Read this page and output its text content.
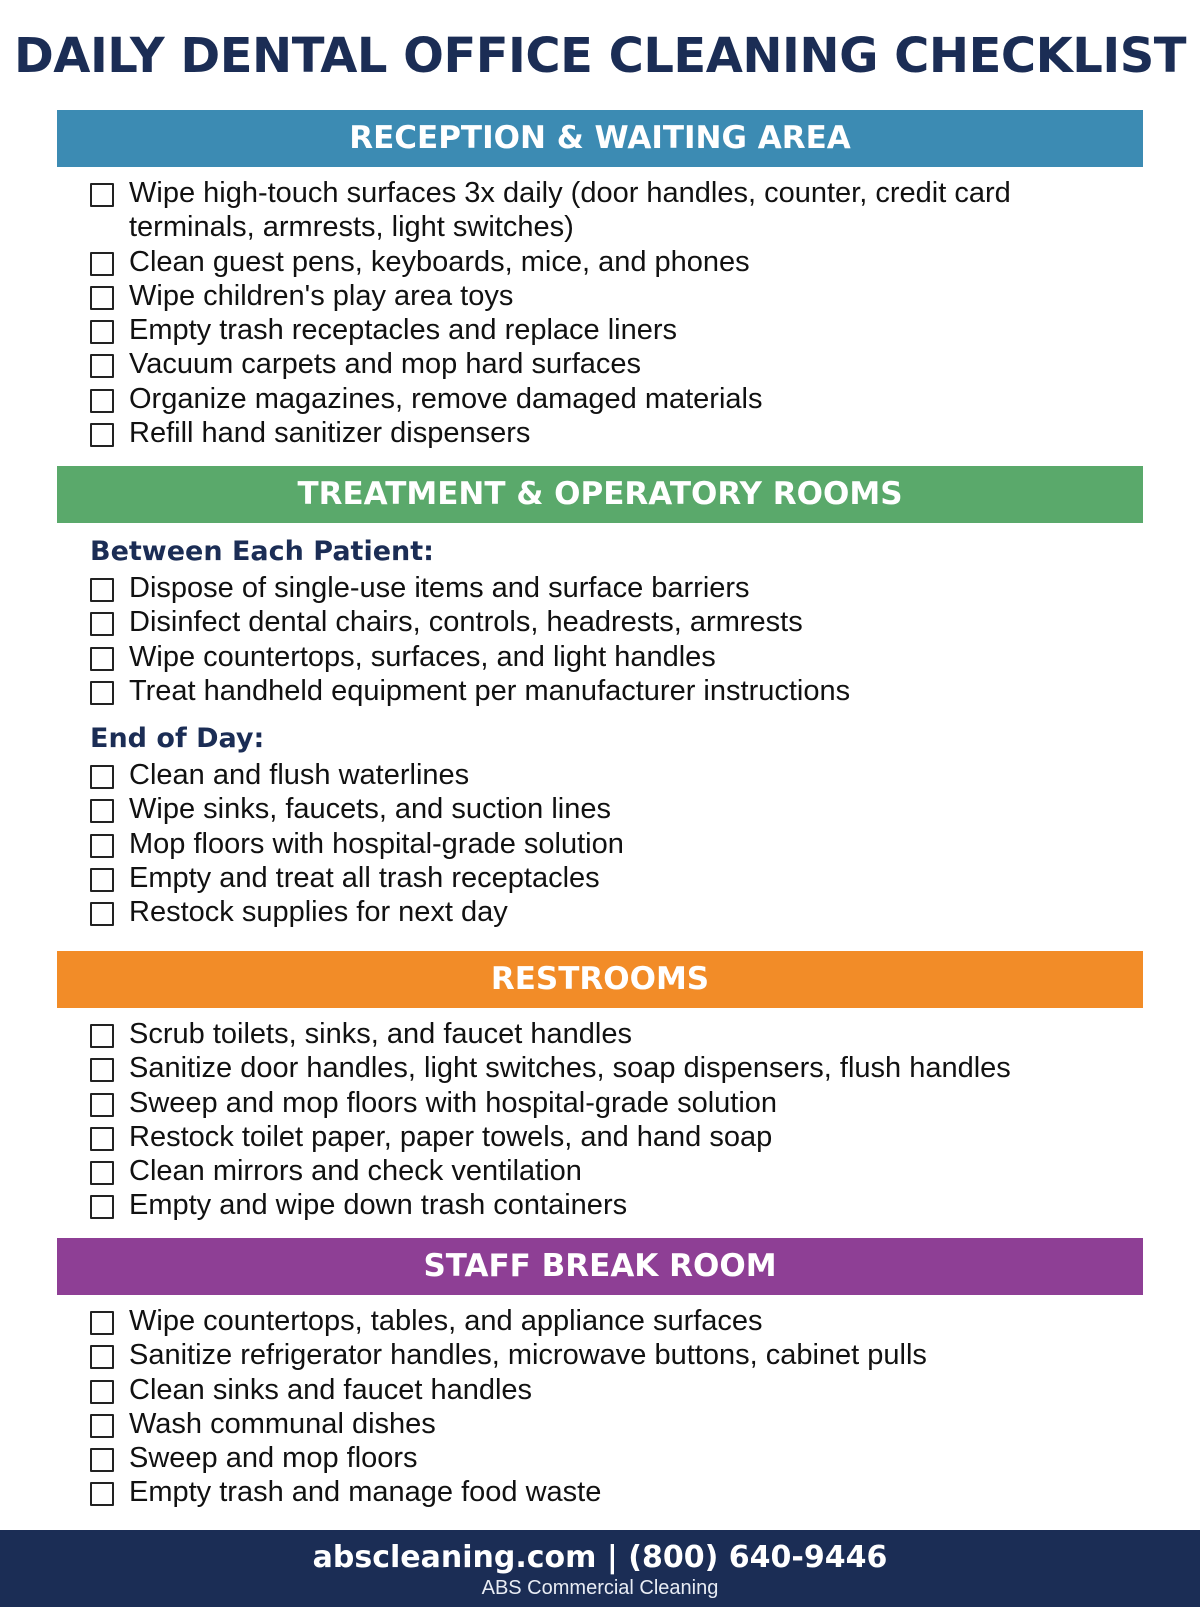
DAILY DENTAL OFFICE CLEANING CHECKLIST
RECEPTION & WAITING AREA
Wipe high-touch surfaces 3x daily (door handles, counter, credit card terminals, armrests, light switches)
Clean guest pens, keyboards, mice, and phones
Wipe children's play area toys
Empty trash receptacles and replace liners
Vacuum carpets and mop hard surfaces
Organize magazines, remove damaged materials
Refill hand sanitizer dispensers
TREATMENT & OPERATORY ROOMS
Between Each Patient:
Dispose of single-use items and surface barriers
Disinfect dental chairs, controls, headrests, armrests
Wipe countertops, surfaces, and light handles
Treat handheld equipment per manufacturer instructions
End of Day:
Clean and flush waterlines
Wipe sinks, faucets, and suction lines
Mop floors with hospital-grade solution
Empty and treat all trash receptacles
Restock supplies for next day
RESTROOMS
Scrub toilets, sinks, and faucet handles
Sanitize door handles, light switches, soap dispensers, flush handles
Sweep and mop floors with hospital-grade solution
Restock toilet paper, paper towels, and hand soap
Clean mirrors and check ventilation
Empty and wipe down trash containers
STAFF BREAK ROOM
Wipe countertops, tables, and appliance surfaces
Sanitize refrigerator handles, microwave buttons, cabinet pulls
Clean sinks and faucet handles
Wash communal dishes
Sweep and mop floors
Empty trash and manage food waste
abscleaning.com | (800) 640-9446
ABS Commercial Cleaning
